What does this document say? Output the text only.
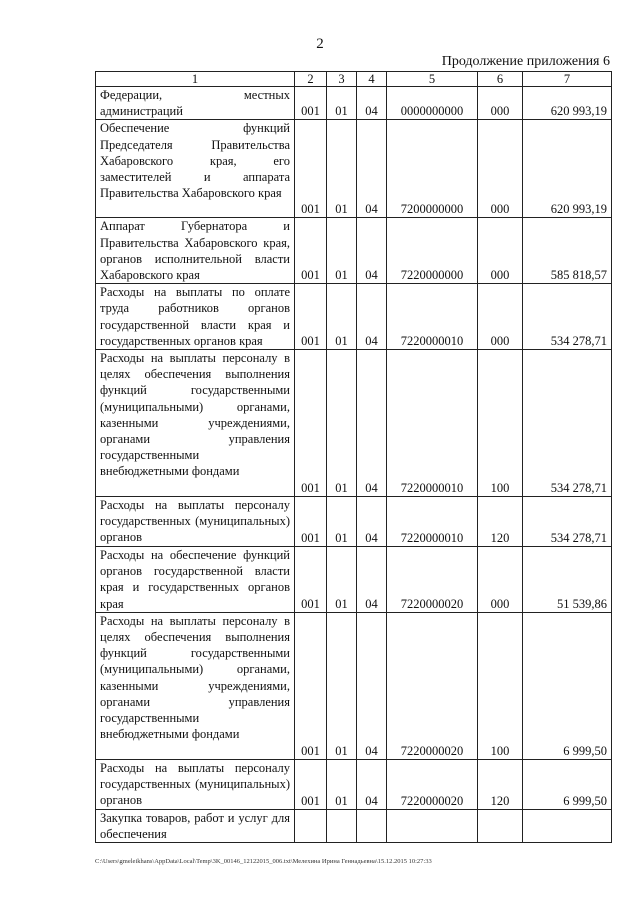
2
Продолжение приложения 6
1	2	3	4	5	6	7
Федерации, местных администраций	001	01	04	0000000000	000	620 993,19
Обеспечение функций Председателя Правительства Хабаровского края, его заместителей и аппарата Правительства Хабаровского края	001	01	04	7200000000	000	620 993,19
Аппарат Губернатора и Правительства Хабаровского края, органов исполнительной власти Хабаровского края	001	01	04	7220000000	000	585 818,57
Расходы на выплаты по оплате труда работников органов государственной власти края и государственных органов края	001	01	04	7220000010	000	534 278,71
Расходы на выплаты персоналу в целях обеспечения выполнения функций государственными (муниципальными) органами, казенными учреждениями, органами управления государственными внебюджетными фондами	001	01	04	7220000010	100	534 278,71
Расходы на выплаты персоналу государственных (муниципальных) органов	001	01	04	7220000010	120	534 278,71
Расходы на обеспечение функций органов государственной власти края и государственных органов края	001	01	04	7220000020	000	51 539,86
Расходы на выплаты персоналу в целях обеспечения выполнения функций государственными (муниципальными) органами, казенными учреждениями, органами управления государственными внебюджетными фондами	001	01	04	7220000020	100	6 999,50
Расходы на выплаты персоналу государственных (муниципальных) органов	001	01	04	7220000020	120	6 999,50
Закупка товаров, работ и услуг для обеспечения						
C:\Users\gmeleikhans\AppData\Local\Temp\3K_00146_12122015_006.txt\Мелехина Ирина Геннадьевна\15.12.2015 10:27:33
